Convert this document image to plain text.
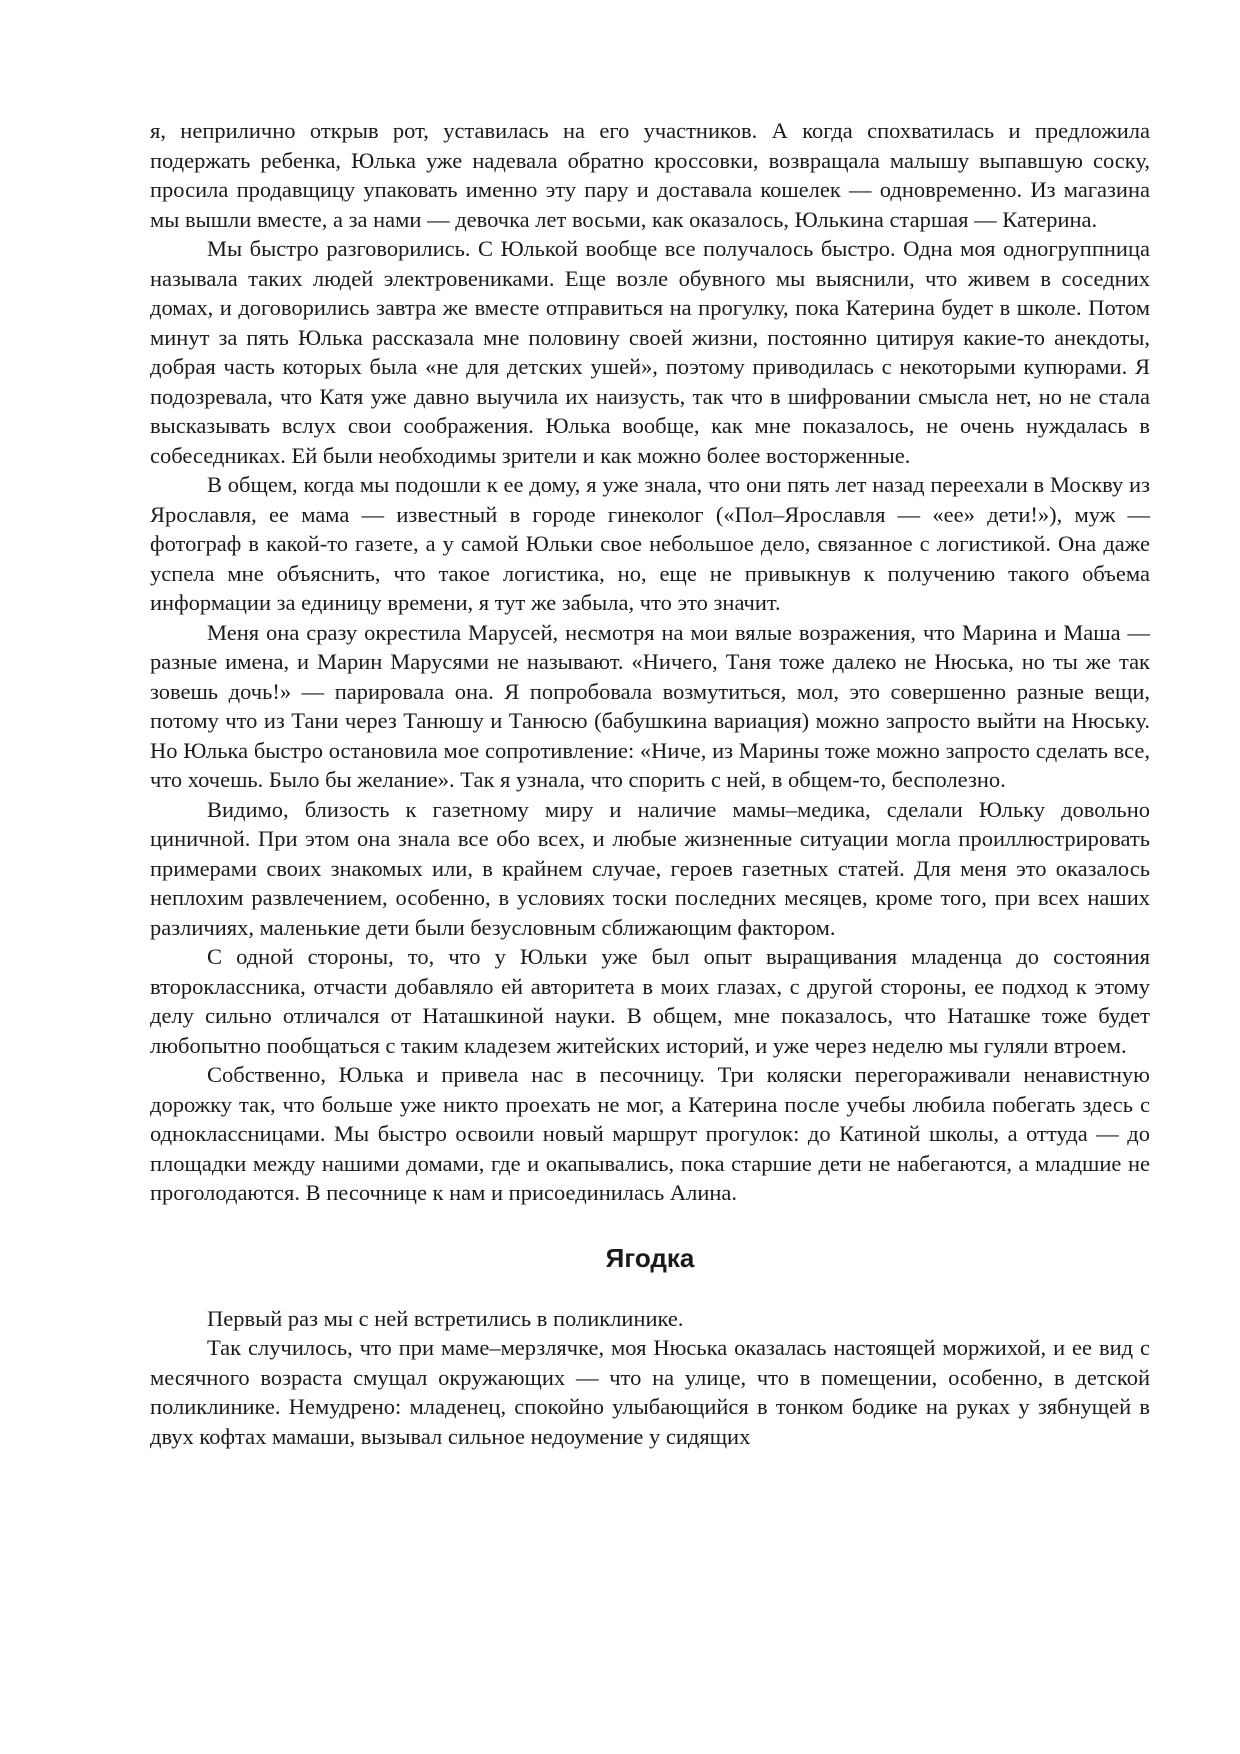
я, неприлично открыв рот, уставилась на его участников. А когда спохватилась и предложила подержать ребенка, Юлька уже надевала обратно кроссовки, возвращала малышу выпавшую соску, просила продавщицу упаковать именно эту пару и доставала кошелек — одновременно. Из магазина мы вышли вместе, а за нами — девочка лет восьми, как оказалось, Юлькина старшая — Катерина.

Мы быстро разговорились. С Юлькой вообще все получалось быстро. Одна моя одногруппница называла таких людей электровениками. Еще возле обувного мы выяснили, что живем в соседних домах, и договорились завтра же вместе отправиться на прогулку, пока Катерина будет в школе. Потом минут за пять Юлька рассказала мне половину своей жизни, постоянно цитируя какие-то анекдоты, добрая часть которых была «не для детских ушей», поэтому приводилась с некоторыми купюрами. Я подозревала, что Катя уже давно выучила их наизусть, так что в шифровании смысла нет, но не стала высказывать вслух свои соображения. Юлька вообще, как мне показалось, не очень нуждалась в собеседниках. Ей были необходимы зрители и как можно более восторженные.

В общем, когда мы подошли к ее дому, я уже знала, что они пять лет назад переехали в Москву из Ярославля, ее мама — известный в городе гинеколог («Пол–Ярославля — «ее» дети!»), муж — фотограф в какой-то газете, а у самой Юльки свое небольшое дело, связанное с логистикой. Она даже успела мне объяснить, что такое логистика, но, еще не привыкнув к получению такого объема информации за единицу времени, я тут же забыла, что это значит.

Меня она сразу окрестила Марусей, несмотря на мои вялые возражения, что Марина и Маша — разные имена, и Марин Марусями не называют. «Ничего, Таня тоже далеко не Нюська, но ты же так зовешь дочь!» — парировала она. Я попробовала возмутиться, мол, это совершенно разные вещи, потому что из Тани через Танюшу и Танюсю (бабушкина вариация) можно запросто выйти на Нюську. Но Юлька быстро остановила мое сопротивление: «Ниче, из Марины тоже можно запросто сделать все, что хочешь. Было бы желание». Так я узнала, что спорить с ней, в общем-то, бесполезно.

Видимо, близость к газетному миру и наличие мамы–медика, сделали Юльку довольно циничной. При этом она знала все обо всех, и любые жизненные ситуации могла проиллюстрировать примерами своих знакомых или, в крайнем случае, героев газетных статей. Для меня это оказалось неплохим развлечением, особенно, в условиях тоски последних месяцев, кроме того, при всех наших различиях, маленькие дети были безусловным сближающим фактором.

С одной стороны, то, что у Юльки уже был опыт выращивания младенца до состояния второклассника, отчасти добавляло ей авторитета в моих глазах, с другой стороны, ее подход к этому делу сильно отличался от Наташкиной науки. В общем, мне показалось, что Наташке тоже будет любопытно пообщаться с таким кладезем житейских историй, и уже через неделю мы гуляли втроем.

Собственно, Юлька и привела нас в песочницу. Три коляски перегораживали ненавистную дорожку так, что больше уже никто проехать не мог, а Катерина после учебы любила побегать здесь с одноклассницами. Мы быстро освоили новый маршрут прогулок: до Катиной школы, а оттуда — до площадки между нашими домами, где и окапывались, пока старшие дети не набегаются, а младшие не проголодаются. В песочнице к нам и присоединилась Алина.

Ягодка

Первый раз мы с ней встретились в поликлинике.

Так случилось, что при маме–мерзлячке, моя Нюська оказалась настоящей моржихой, и ее вид с месячного возраста смущал окружающих — что на улице, что в помещении, особенно, в детской поликлинике. Немудрено: младенец, спокойно улыбающийся в тонком бодике на руках у зябнущей в двух кофтах мамаши, вызывал сильное недоумение у сидящих
